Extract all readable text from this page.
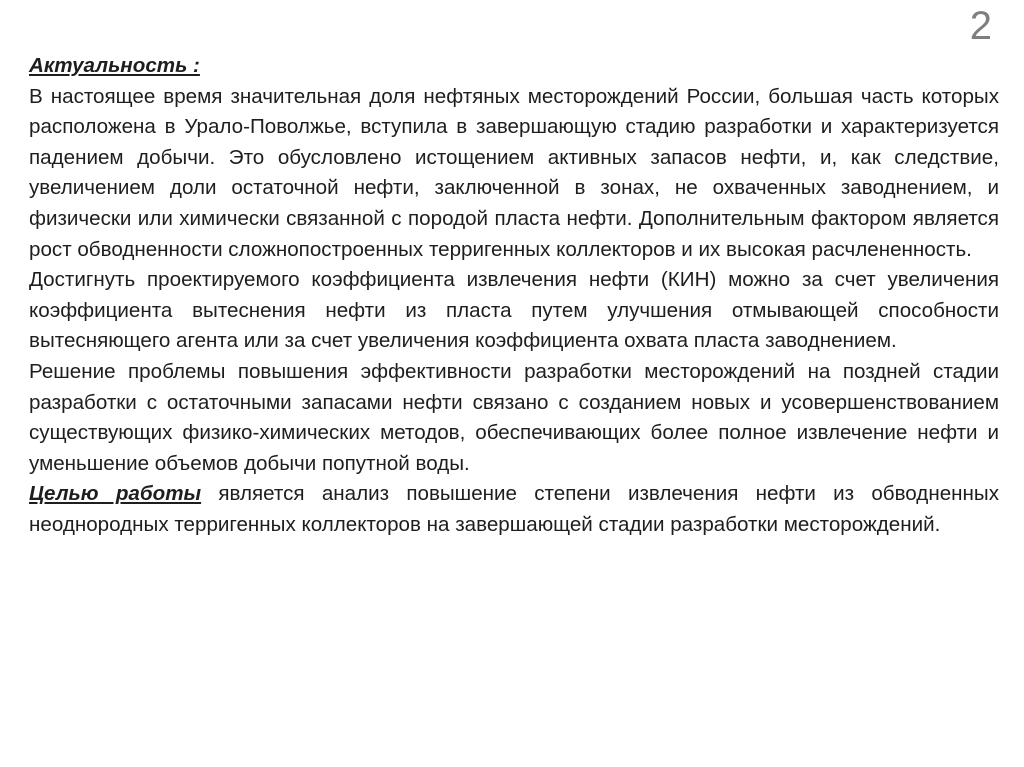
2

Актуальность :

В настоящее время значительная доля нефтяных месторождений России, большая часть которых расположена в Урало-Поволжье, вступила в завершающую стадию разработки и характеризуется падением добычи. Это обусловлено истощением активных запасов нефти, и, как следствие, увеличением доли остаточной нефти, заключенной в зонах, не охваченных заводнением, и физически или химически связанной с породой пласта нефти. Дополнительным фактором является рост обводненности сложнопостроенных терригенных коллекторов и их высокая расчлененность.

Достигнуть проектируемого коэффициента извлечения нефти (КИН) можно за счет увеличения коэффициента вытеснения нефти из пласта путем улучшения отмывающей способности вытесняющего агента или за счет увеличения коэффициента охвата пласта заводнением.

Решение проблемы повышения эффективности разработки месторождений на поздней стадии разработки с остаточными запасами нефти связано с созданием новых и усовершенствованием существующих физико-химических методов, обеспечивающих более полное извлечение нефти и уменьшение объемов добычи попутной воды.

Целью работы является анализ повышение степени извлечения нефти из обводненных неоднородных терригенных коллекторов на завершающей стадии разработки месторождений.
